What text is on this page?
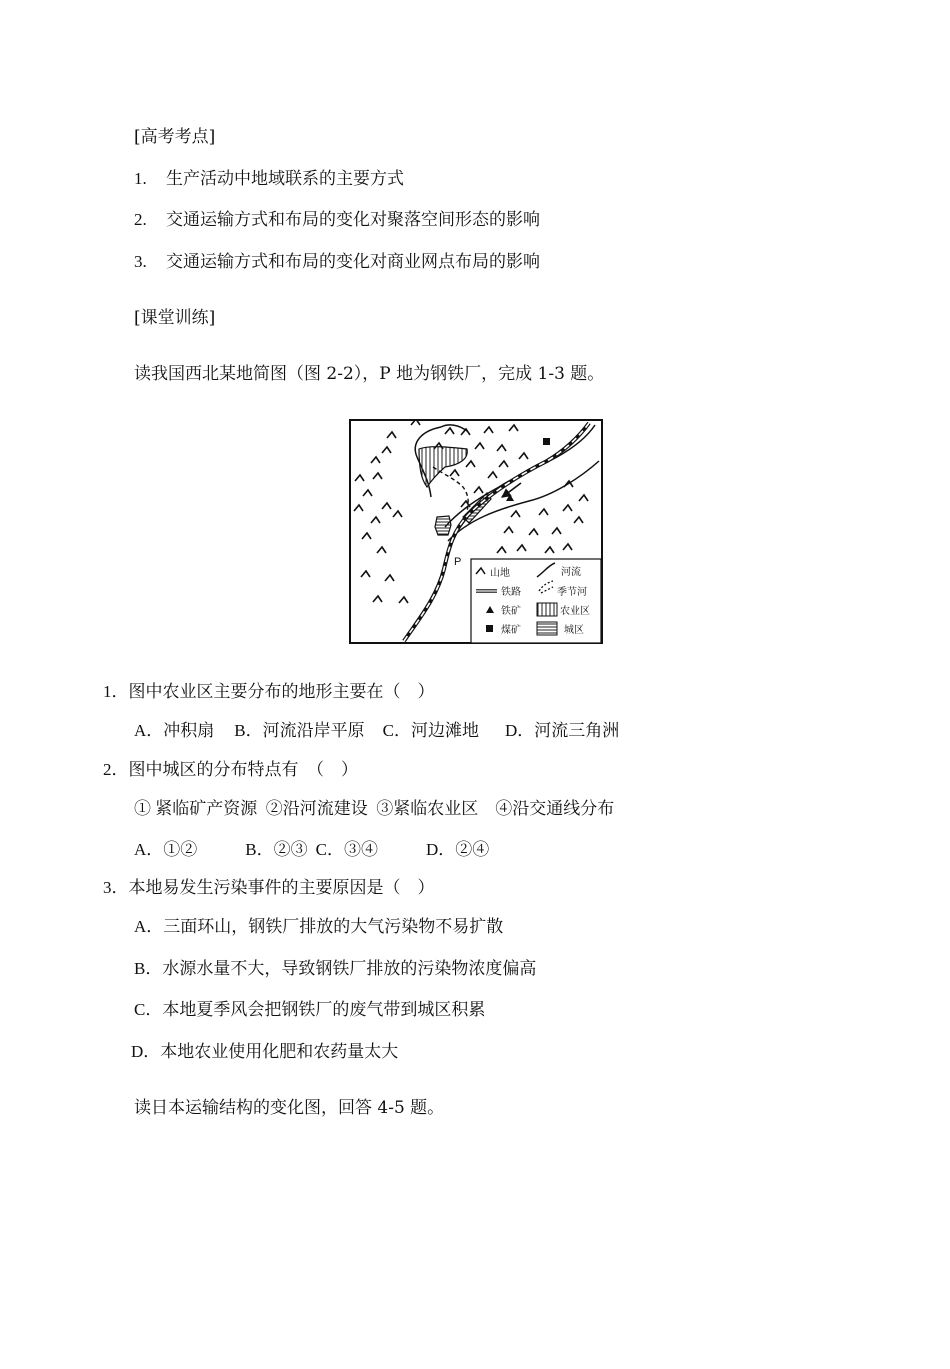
[高考考点]
1. 生产活动中地域联系的主要方式
2. 交通运输方式和布局的变化对聚落空间形态的影响
3. 交通运输方式和布局的变化对商业网点布局的影响
[课堂训练]
读我国西北某地简图（图 2-2），P 地为钢铁厂，完成 1-3 题。
P
山地	河流
铁路	季节河
铁矿	农业区
煤矿	城区
1．图中农业区主要分布的地形主要在（　）
A．冲积扇 B．河流沿岸平原 C．河边滩地 D．河流三角洲
2．图中城区的分布特点有　（　）
① 紧临矿产资源  ②沿河流建设  ③紧临农业区　④沿交通线分布
A．①②	B．②③ C．③④	D．②④
3．本地易发生污染事件的主要原因是（　）
A．三面环山，钢铁厂排放的大气污染物不易扩散
B．水源水量不大，导致钢铁厂排放的污染物浓度偏高
C．本地夏季风会把钢铁厂的废气带到城区积累
D．本地农业使用化肥和农药量太大
读日本运输结构的变化图，回答 4-5 题。
